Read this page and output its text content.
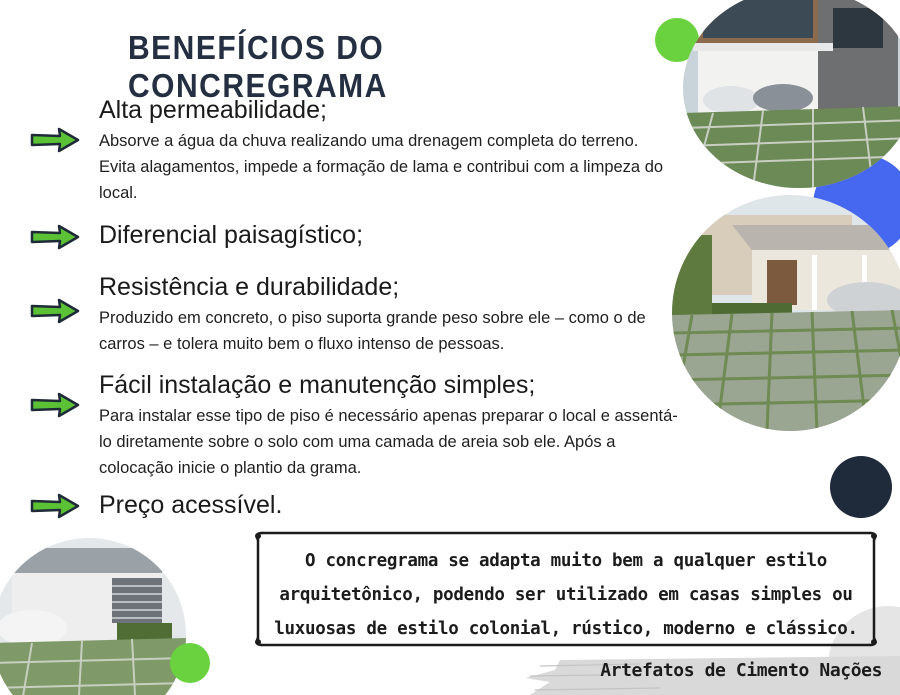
BENEFÍCIOS DO CONCREGRAMA
Alta permeabilidade;
Absorve a água da chuva realizando uma drenagem completa do terreno. Evita alagamentos, impede a formação de lama e contribui com a limpeza do local.
Diferencial paisagístico;
Resistência e durabilidade;
Produzido em concreto, o piso suporta grande peso sobre ele – como o de carros – e tolera muito bem o fluxo intenso de pessoas.
Fácil instalação e manutenção simples;
Para instalar esse tipo de piso é necessário apenas preparar o local e assentá-lo diretamente sobre o solo com uma camada de areia sob ele. Após a colocação inicie o plantio da grama.
Preço acessível.

O concregrama se adapta muito bem a qualquer estilo arquitetônico, podendo ser utilizado em casas simples ou luxuosas de estilo colonial, rústico, moderno e clássico.

Artefatos de Cimento Nações
